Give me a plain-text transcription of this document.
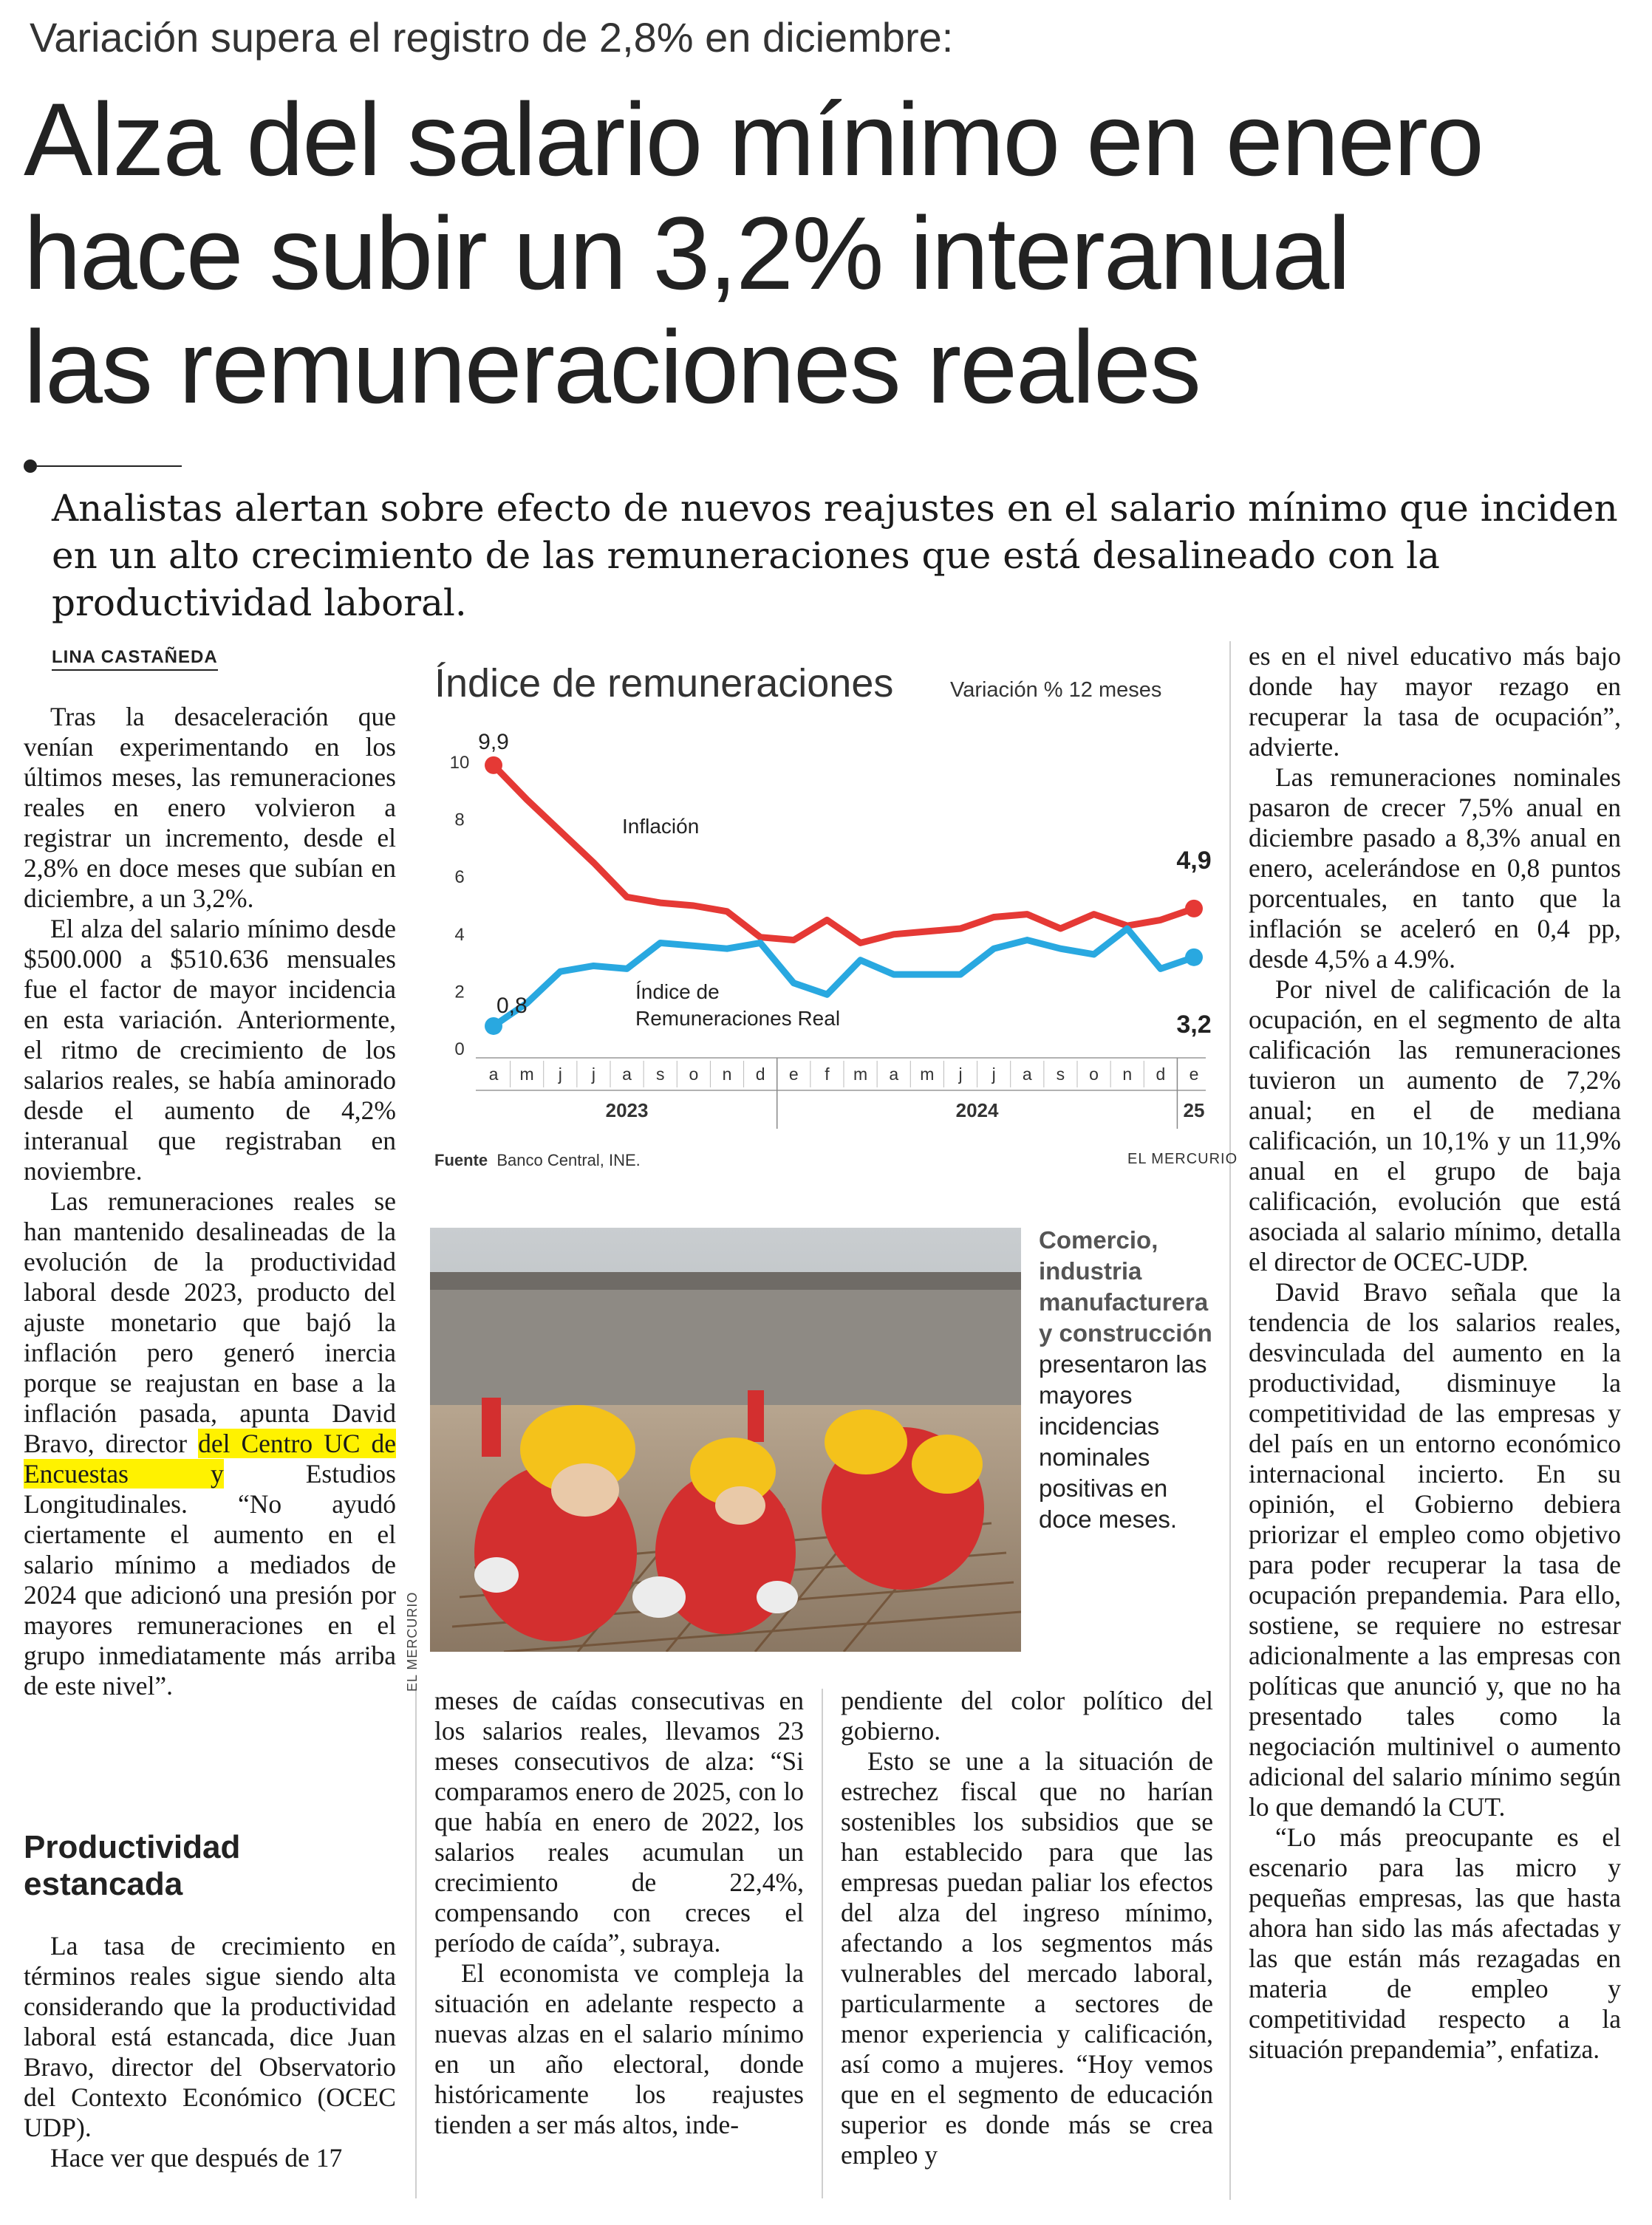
Variación supera el registro de 2,8% en diciembre:
Alza del salario mínimo en enero
hace subir un 3,2% interanual
las remuneraciones reales
Analistas alertan sobre efecto de nuevos reajustes en el salario mínimo que inciden en un alto crecimiento de las remuneraciones que está desalineado con la productividad laboral.
LINA CASTAÑEDA

Tras la desaceleración que venían experimentando en los últimos meses, las remuneraciones reales en enero volvieron a registrar un incremento, desde el 2,8% en doce meses que subían en diciembre, a un 3,2%.

El alza del salario mínimo desde $500.000 a $510.636 mensuales fue el factor de mayor incidencia en esta variación. Anteriormente, el ritmo de crecimiento de los salarios reales, se había aminorado desde el aumento de 4,2% interanual que registraban en noviembre.

Las remuneraciones reales se han mantenido desalineadas de la evolución de la productividad laboral desde 2023, producto del ajuste monetario que bajó la inflación pero generó inercia porque se reajustan en base a la inflación pasada, apunta David Bravo, director del Centro UC de Encuestas y Estudios Longitudinales. “No ayudó ciertamente el aumento en el salario mínimo a mediados de 2024 que adicionó una presión por mayores remuneraciones en el grupo inmediatamente más arriba de este nivel”.

Productividad estancada

La tasa de crecimiento en términos reales sigue siendo alta considerando que la productividad laboral está estancada, dice Juan Bravo, director del Observatorio del Contexto Económico (OCEC UDP).

Hace ver que después de 17

Índice de remuneraciones	Variación % 12 meses
0
2
4
6
8
10
a m j j a s o n d e f m a m j j a s o n d e
2023	2024	25
Inflación
Índice de
Remuneraciones Real
9,9
0,8
4,9
3,2
Fuente Banco Central, INE.	EL MERCURIO
EL MERCURIO
Comercio, industria manufacturera y construcción presentaron las mayores incidencias nominales positivas en doce meses.

meses de caídas consecutivas en los salarios reales, llevamos 23 meses consecutivos de alza: “Si comparamos enero de 2025, con lo que había en enero de 2022, los salarios reales acumulan un crecimiento de 22,4%, compensando con creces el período de caída”, subraya.

El economista ve compleja la situación en adelante respecto a nuevas alzas en el salario mínimo en un año electoral, donde históricamente los reajustes tienden a ser más altos, inde-

pendiente del color político del gobierno.

Esto se une a la situación de estrechez fiscal que no harían sostenibles los subsidios que se han establecido para que las empresas puedan paliar los efectos del alza del ingreso mínimo, afectando a los segmentos más vulnerables del mercado laboral, particularmente a sectores de menor experiencia y calificación, así como a mujeres. “Hoy vemos que en el segmento de educación superior es donde más se crea empleo y

es en el nivel educativo más bajo donde hay mayor rezago en recuperar la tasa de ocupación”, advierte.

Las remuneraciones nominales pasaron de crecer 7,5% anual en diciembre pasado a 8,3% anual en enero, acelerándose en 0,8 puntos porcentuales, en tanto que la inflación se aceleró en 0,4 pp, desde 4,5% a 4.9%.

Por nivel de calificación de la ocupación, en el segmento de alta calificación las remuneraciones tuvieron un aumento de 7,2% anual; en el de mediana calificación, un 10,1% y un 11,9% anual en el grupo de baja calificación, evolución que está asociada al salario mínimo, detalla el director de OCEC-UDP.

David Bravo señala que la tendencia de los salarios reales, desvinculada del aumento en la productividad, disminuye la competitividad de las empresas y del país en un entorno económico internacional incierto. En su opinión, el Gobierno debiera priorizar el empleo como objetivo para poder recuperar la tasa de ocupación prepandemia. Para ello, sostiene, se requiere no estresar adicionalmente a las empresas con políticas que anunció y, que no ha presentado tales como la negociación multinivel o aumento adicional del salario mínimo según lo que demandó la CUT.

“Lo más preocupante es el escenario para las micro y pequeñas empresas, las que hasta ahora han sido las más afectadas y las que están más rezagadas en materia de empleo y competitividad respecto a la situación prepandemia”, enfatiza.
